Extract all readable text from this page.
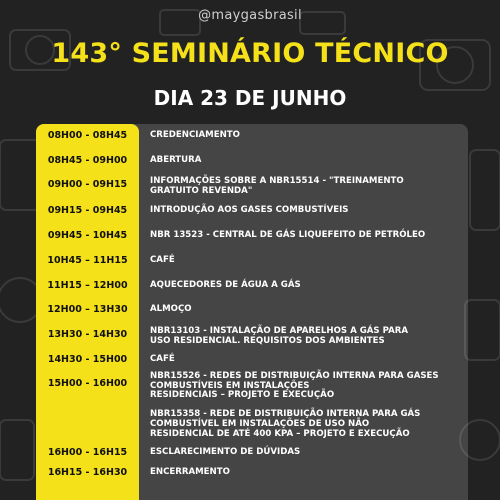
@maygasbrasil
143° SEMINÁRIO TÉCNICO
DIA 23 DE JUNHO
08H00 - 08H45	CREDENCIAMENTO
08H45 - 09H00	ABERTURA
09H00 - 09H15	INFORMAÇÕES SOBRE A NBR15514 - "TREINAMENTO
GRATUITO REVENDA"
09H15 - 09H45	INTRODUÇÃO AOS GASES COMBUSTÍVEIS
09H45 - 10H45	NBR 13523 - CENTRAL DE GÁS LIQUEFEITO DE PETRÓLEO
10H45 – 11H15	CAFÉ
11H15 – 12H00	AQUECEDORES DE ÁGUA A GÁS
12H00 – 13H30	ALMOÇO
13H30 - 14H30	NBR13103 - INSTALAÇÃO DE APARELHOS A GÁS PARA
USO RESIDENCIAL. REQUISITOS DOS AMBIENTES
14H30 - 15H00	CAFÉ
15H00 - 16H00
NBR15526 - REDES DE DISTRIBUIÇÃO INTERNA PARA GASES
COMBUSTÍVEIS EM INSTALAÇÕES
RESIDENCIAIS – PROJETO E EXECUÇÃO

NBR15358 - REDE DE DISTRIBUIÇÃO INTERNA PARA GÁS
COMBUSTÍVEL EM INSTALAÇÕES DE USO NÃO
RESIDENCIAL DE ATÉ 400 KPA – PROJETO E EXECUÇÃO
16H00 - 16H15	ESCLARECIMENTO DE DÚVIDAS
16H15 - 16H30	ENCERRAMENTO
